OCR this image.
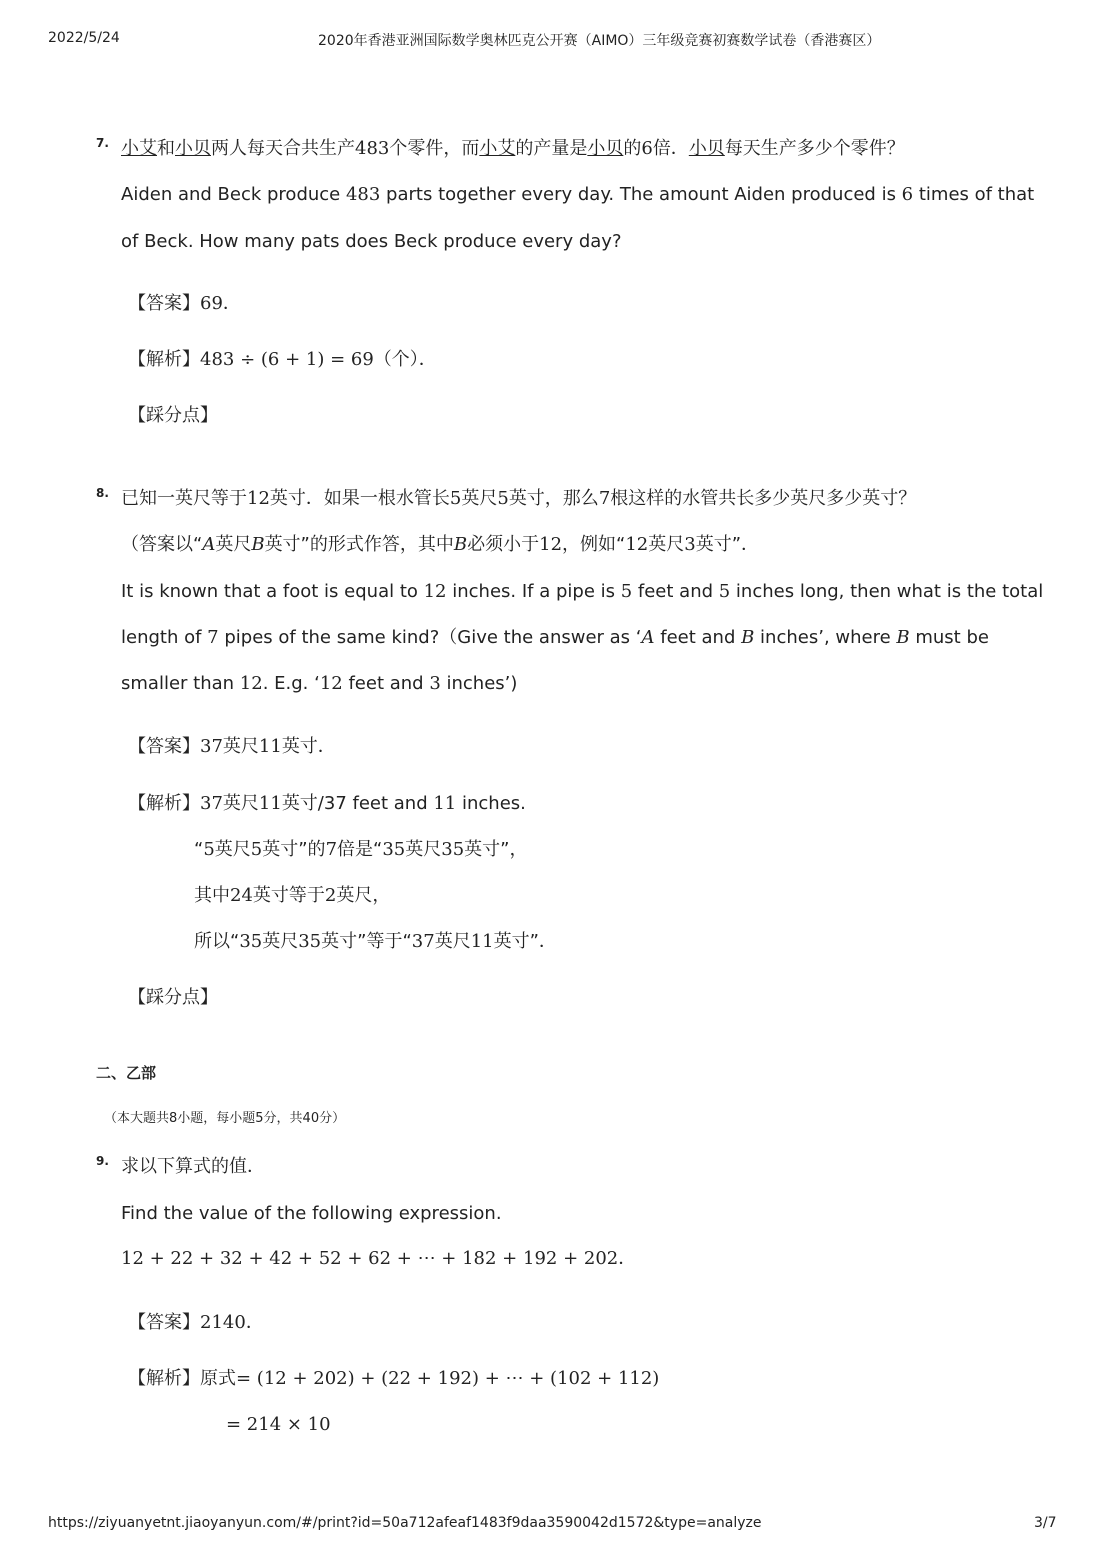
2022/5/24	2020年香港亚洲国际数学奥林匹克公开赛（AIMO）三年级竞赛初赛数学试卷（香港赛区）
7. 小艾和小贝两人每天合共生产483个零件，而小艾的产量是小贝的6倍．小贝每天生产多少个零件？
Aiden and Beck produce 483 parts together every day. The amount Aiden produced is 6 times of that
of Beck. How many pats does Beck produce every day?
【答案】69．
【解析】483 ÷ (6 + 1) = 69（个）．
【踩分点】
8. 已知一英尺等于12英寸．如果一根水管长5英尺5英寸，那么7根这样的水管共长多少英尺多少英寸？
（答案以“A英尺B英寸”的形式作答，其中B必须小于12，例如“12英尺3英寸”．
It is known that a foot is equal to 12 inches. If a pipe is 5 feet and 5 inches long, then what is the total
length of 7 pipes of the same kind?（Give the answer as ‘A feet and B inches’, where B must be
smaller than 12. E.g. ‘12 feet and 3 inches’)
【答案】37英尺11英寸．
【解析】37英尺11英寸/37 feet and 11 inches.
“5英尺5英寸”的7倍是“35英尺35英寸”，
其中24英寸等于2英尺，
所以“35英尺35英寸”等于“37英尺11英寸”．
【踩分点】
二、乙部
（本大题共8小题，每小题5分，共40分）
9. 求以下算式的值．
Find the value of the following expression.
12 + 22 + 32 + 42 + 52 + 62 + ⋯ + 182 + 192 + 202．
【答案】2140．
【解析】原式= (12 + 202) + (22 + 192) + ⋯ + (102 + 112)
= 214 × 10
https://ziyuanyetnt.jiaoyanyun.com/#/print?id=50a712afeaf1483f9daa3590042d1572&type=analyze	3/7
